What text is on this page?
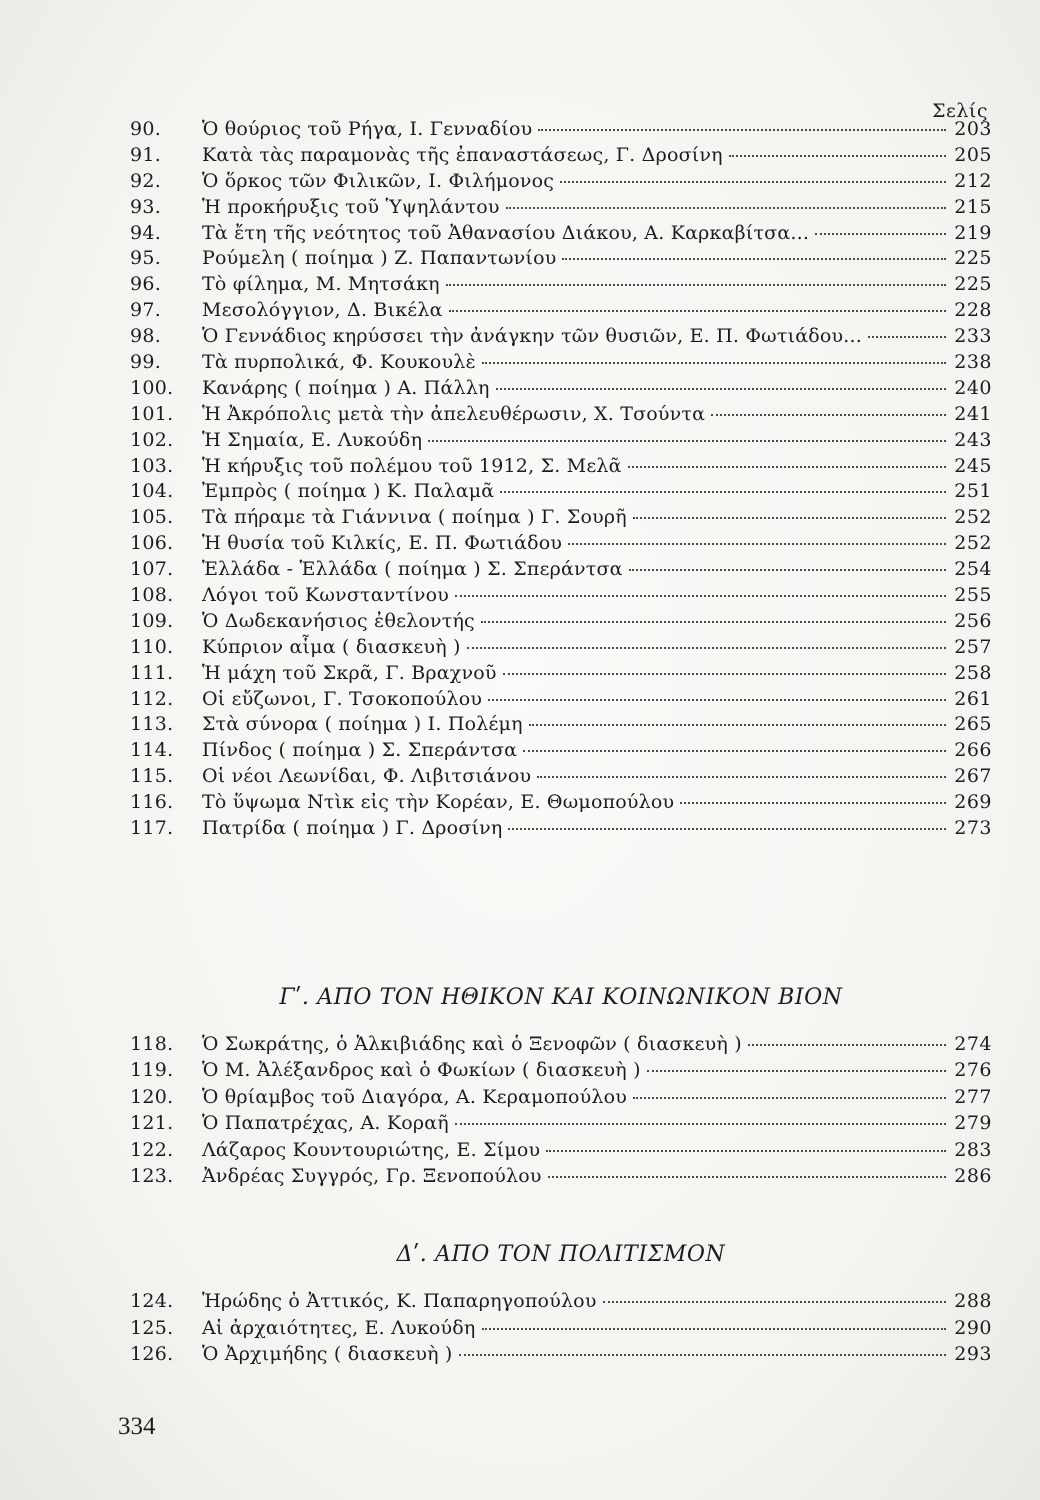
Σελίς
90.	Ὁ θούριος τοῦ Ρήγα, Ι. Γενναδίου	203
91.	Κατὰ τὰς παραμονὰς τῆς ἐπαναστάσεως, Γ. Δροσίνη	205
92.	Ὁ ὅρκος τῶν Φιλικῶν, Ι. Φιλήμονος	212
93.	Ἡ προκήρυξις τοῦ Ὑψηλάντου	215
94.	Τὰ ἔτη τῆς νεότητος τοῦ Ἀθανασίου Διάκου, Α. Καρκαβίτσα...	219
95.	Ρούμελη ( ποίημα ) Ζ. Παπαντωνίου	225
96.	Τὸ φίλημα, Μ. Μητσάκη	225
97.	Μεσολόγγιον, Δ. Βικέλα	228
98.	Ὁ Γεννάδιος κηρύσσει τὴν ἀνάγκην τῶν θυσιῶν, Ε. Π. Φωτιάδου...	233
99.	Τὰ πυρπολικά, Φ. Κουκουλὲ	238
100.	Κανάρης ( ποίημα ) Α. Πάλλη	240
101.	Ἡ Ἀκρόπολις μετὰ τὴν ἀπελευθέρωσιν, Χ. Τσούντα	241
102.	Ἡ Σημαία, Ε. Λυκούδη	243
103.	Ἡ κήρυξις τοῦ πολέμου τοῦ 1912, Σ. Μελᾶ	245
104.	Ἐμπρὸς ( ποίημα ) Κ. Παλαμᾶ	251
105.	Τὰ πήραμε τὰ Γιάννινα ( ποίημα ) Γ. Σουρῆ	252
106.	Ἡ θυσία τοῦ Κιλκίς, Ε. Π. Φωτιάδου	252
107.	Ἑλλάδα - Ἑλλάδα ( ποίημα ) Σ. Σπεράντσα	254
108.	Λόγοι τοῦ Κωνσταντίνου	255
109.	Ὁ Δωδεκανήσιος ἐθελοντής	256
110.	Κύπριον αἷμα ( διασκευὴ )	257
111.	Ἡ μάχη τοῦ Σκρᾶ, Γ. Βραχνοῦ	258
112.	Οἱ εὔζωνοι, Γ. Τσοκοπούλου	261
113.	Στὰ σύνορα ( ποίημα ) Ι. Πολέμη	265
114.	Πίνδος ( ποίημα ) Σ. Σπεράντσα	266
115.	Οἱ νέοι Λεωνίδαι, Φ. Λιβιτσιάνου	267
116.	Τὸ ὕψωμα Ντὶκ εἰς τὴν Κορέαν, Ε. Θωμοπούλου	269
117.	Πατρίδα ( ποίημα ) Γ. Δροσίνη	273
Γʹ. ΑΠΟ ΤΟΝ ΗΘΙΚΟΝ ΚΑΙ ΚΟΙΝΩΝΙΚΟΝ ΒΙΟΝ
118.	Ὁ Σωκράτης, ὁ Ἀλκιβιάδης καὶ ὁ Ξενοφῶν ( διασκευὴ )	274
119.	Ὁ Μ. Ἀλέξανδρος καὶ ὁ Φωκίων ( διασκευὴ )	276
120.	Ὁ θρίαμβος τοῦ Διαγόρα, Α. Κεραμοπούλου	277
121.	Ὁ Παπατρέχας, Α. Κοραῆ	279
122.	Λάζαρος Κουντουριώτης, Ε. Σίμου	283
123.	Ἀνδρέας Συγγρός, Γρ. Ξενοπούλου	286
Δʹ. ΑΠΟ ΤΟΝ ΠΟΛΙΤΙΣΜΟΝ
124.	Ἡρώδης ὁ Ἀττικός, Κ. Παπαρηγοπούλου	288
125.	Αἱ ἀρχαιότητες, Ε. Λυκούδη	290
126.	Ὁ Ἀρχιμήδης ( διασκευὴ )	293
334
